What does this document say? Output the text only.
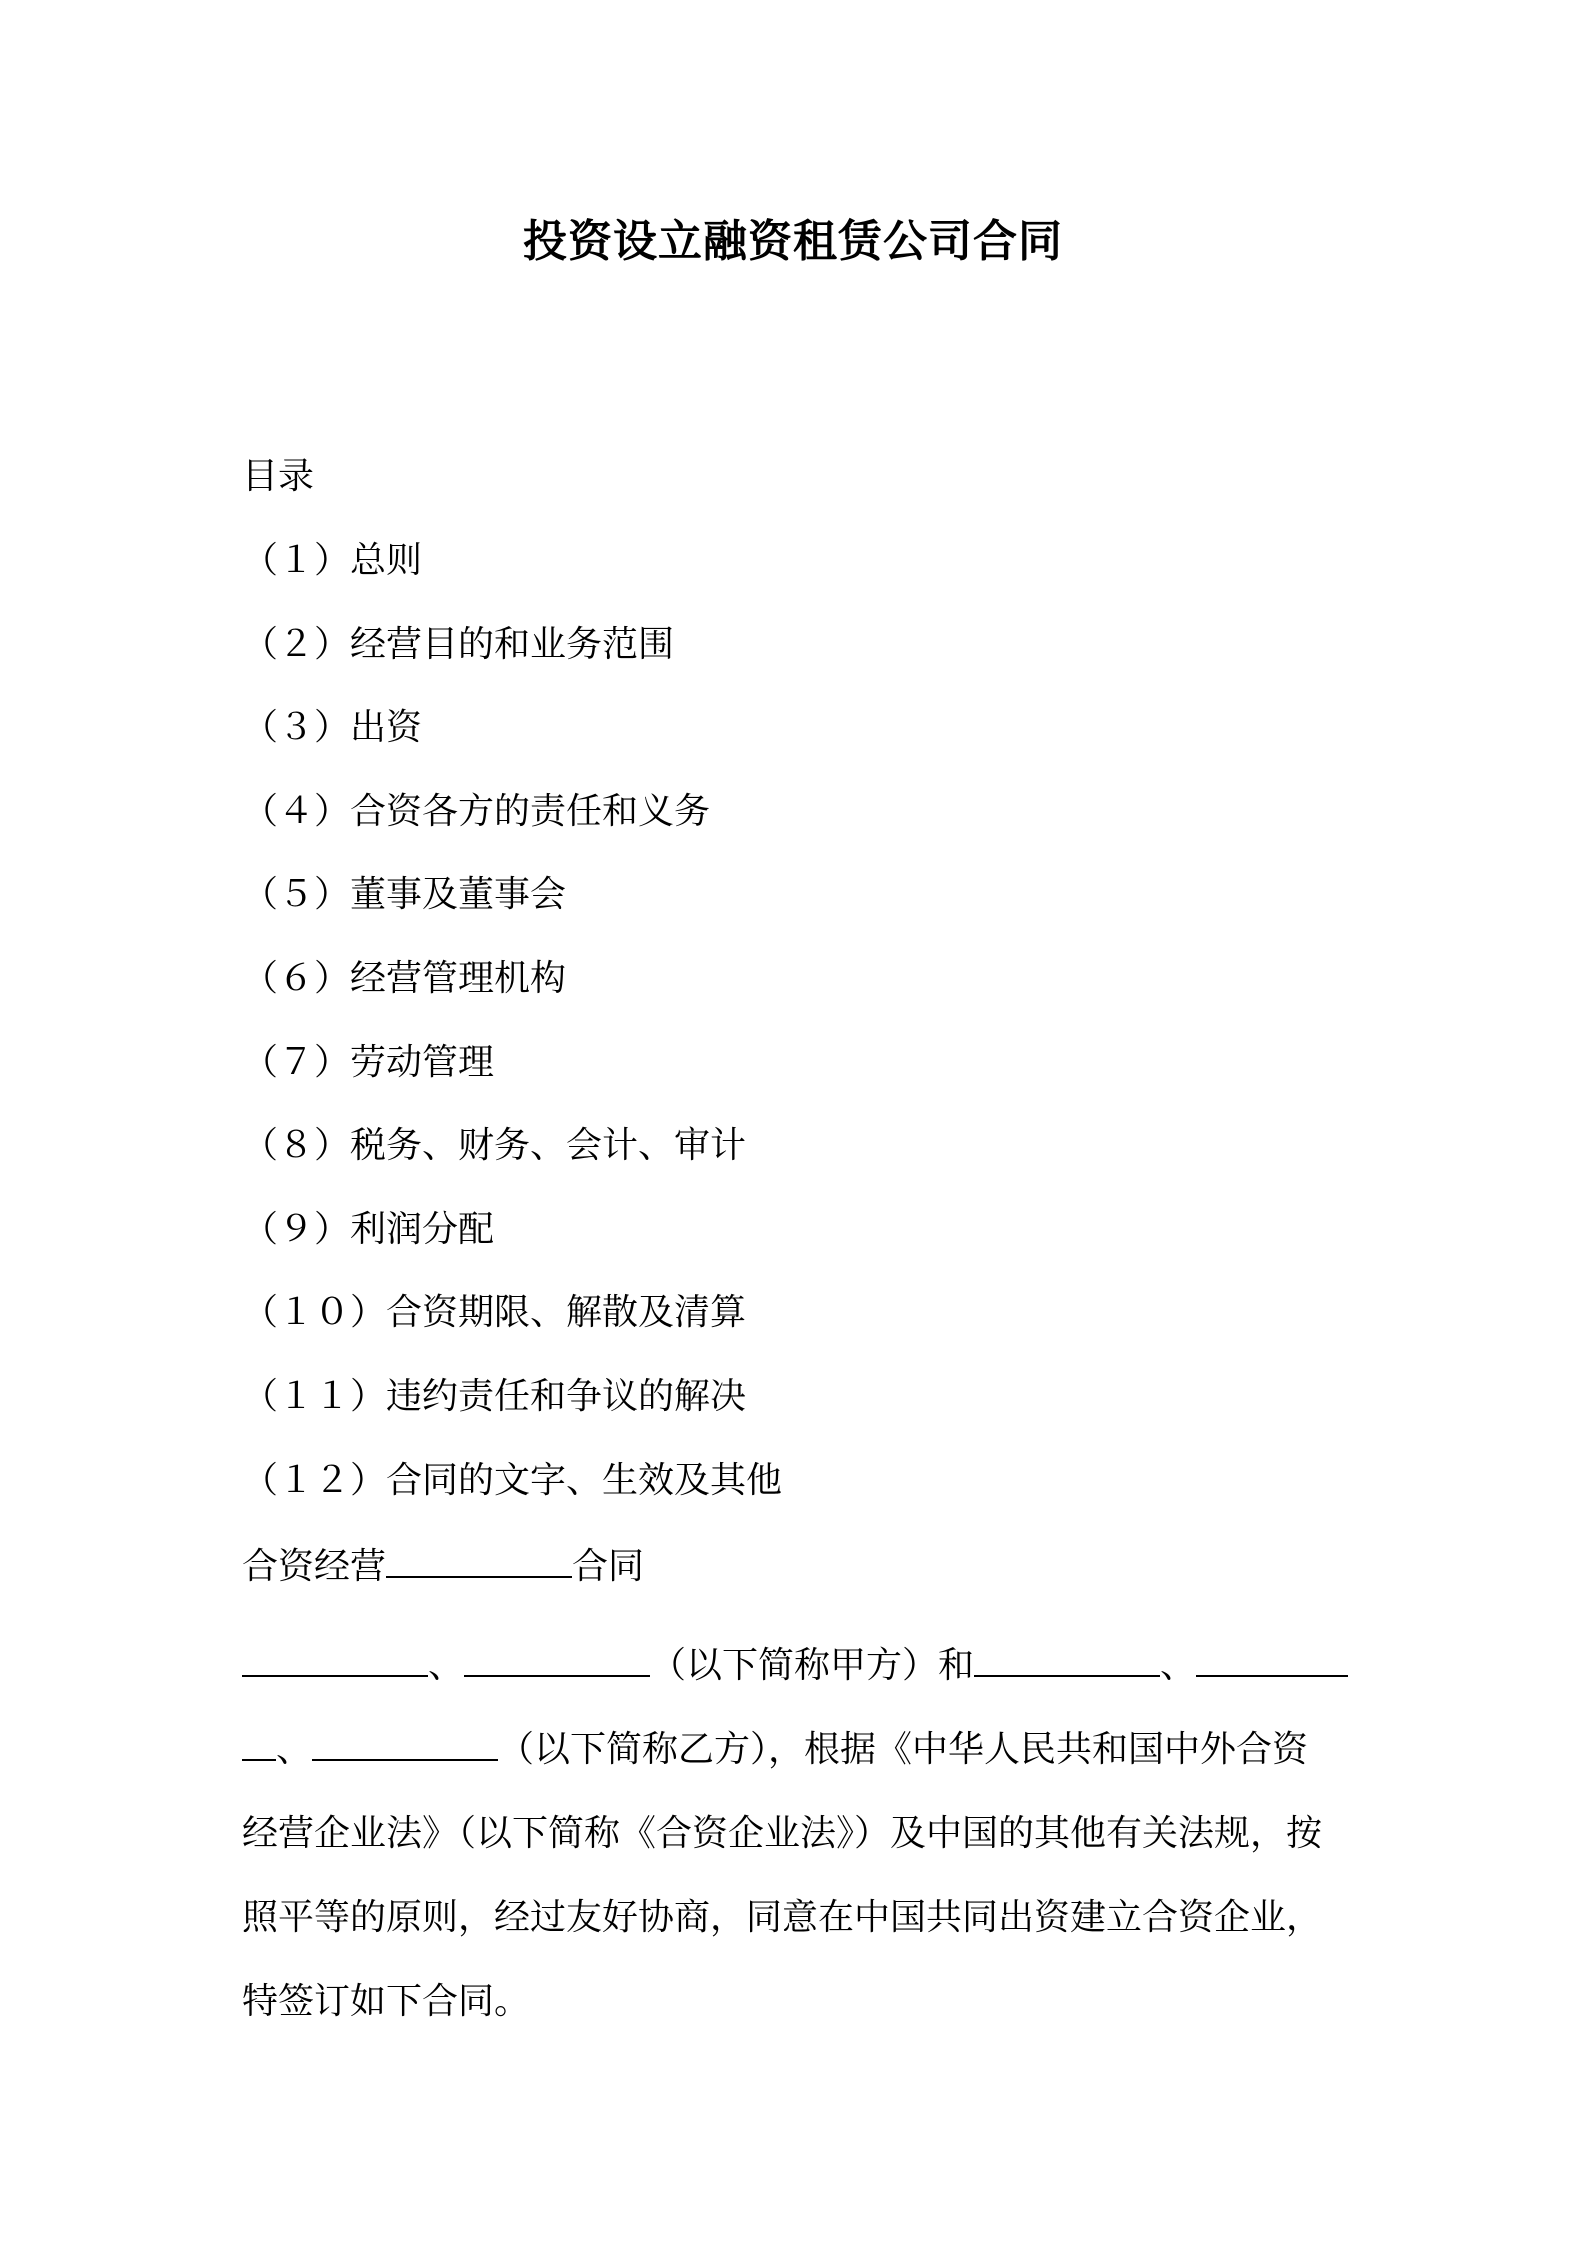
投资设立融资租赁公司合同
目录
（１）总则
（２）经营目的和业务范围
（３）出资
（４）合资各方的责任和义务
（５）董事及董事会
（６）经营管理机构
（７）劳动管理
（８）税务、财务、会计、审计
（９）利润分配
（１０）合资期限、解散及清算
（１１）违约责任和争议的解决
（１２）合同的文字、生效及其他
合资经营	合同
、	（以下简称甲方）和	、
、	（以下简称乙方），根据《中华人民共和国中外合资
经营企业法》（以下简称《合资企业法》）及中国的其他有关法规，按
照平等的原则，经过友好协商，同意在中国共同出资建立合资企业，
特签订如下合同。
